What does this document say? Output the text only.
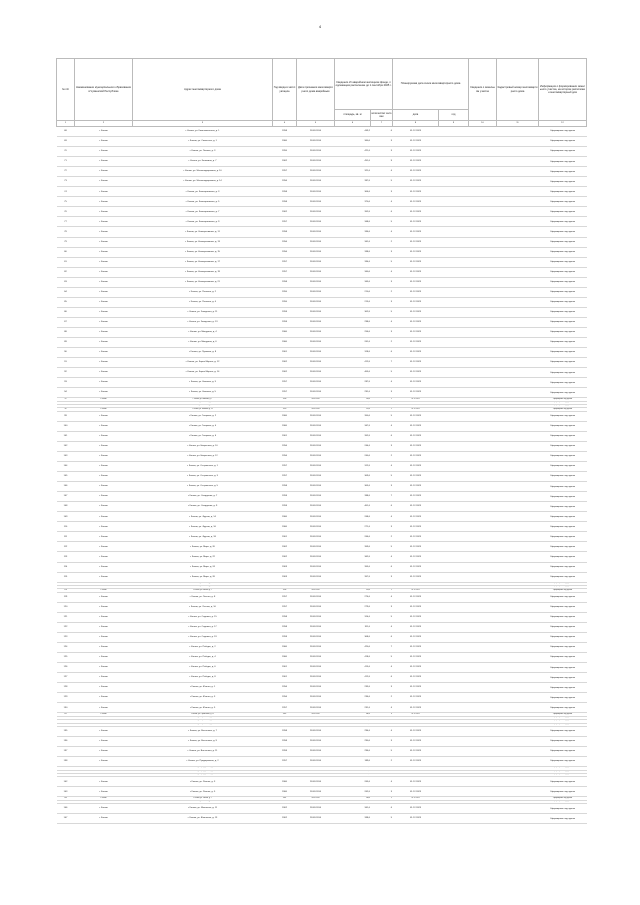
4
№ п/п	Наименование муниципального образования в Чувашской Республике	Адрес многоквартирного дома	Год ввода в эксплуатацию	Дата признания многоквартирного дома аварийным	Сведения об аварийном жилищном фонде, подлежащем расселению до 1 сентября 2025 г.		Планируемая дата сноса многоквартирного дома		Сведения о земельном участке	Кадастровый номер многоквартирного дома	Информация о формировании земельного участка, на котором расположен многоквартирный дом
					площадь, кв. м	количество человек	дата	год			
1	2	3	4	5	6	7	8	9	10	11	12
68	г. Канаш	г. Канаш, ул. Комсомольская, д. 1	1958	28.09.2014	449,2	6	01.12.2023				Сформирован под здание
69	г. Канаш	г. Канаш, ул. Советская, д. 1	1960	28.09.2014	360,0	3	01.12.2023				Сформирован под здание
70	г. Канаш	г. Канаш, ул. Ленина, д. 3	1955	28.09.2014	421,0	3	01.12.2023				Сформирован под здание
71	г. Канаш	г. Канаш, ул. Калинина, д. 7	1962	28.09.2014	451,0	9	01.12.2023				Сформирован под здание
72	г. Канаш	г. Канаш, ул. Железнодорожная, д. 10	1957	28.09.2014	321,0	4	01.12.2023				Сформирован под здание
73	г. Канаш	г. Канаш, ул. Железнодорожная, д. 14	1956	28.09.2014	397,0	5	01.12.2023				Сформирован под здание
74	г. Канаш	г. Канаш, ул. Кооперативная, д. 3	1958	28.09.2014	306,0	3	01.12.2023				Сформирован под здание
75	г. Канаш	г. Канаш, ул. Кооперативная, д. 5	1958	28.09.2014	370,0	4	01.12.2023				Сформирован под здание
76	г. Канаш	г. Канаш, ул. Кооперативная, д. 7	1962	28.09.2014	352,0	6	01.12.2023				Сформирован под здание
77	г. Канаш	г. Канаш, ул. Кооперативная, д. 9	1957	28.09.2014	348,0	5	01.12.2023				Сформирован под здание
78	г. Канаш	г. Канаш, ул. Кооперативная, д. 11	1958	28.09.2014	336,0	4	01.12.2023				Сформирован под здание
79	г. Канаш	г. Канаш, ул. Кооперативная, д. 13	1956	28.09.2014	341,0	2	01.12.2023				Сформирован под здание
80	г. Канаш	г. Канаш, ул. Кооперативная, д. 15	1956	28.09.2014	338,0	3	01.12.2023				Сформирован под здание
81	г. Канаш	г. Канаш, ул. Кооперативная, д. 17	1957	28.09.2014	334,0	5	01.12.2023				Сформирован под здание
82	г. Канаш	г. Канаш, ул. Кооперативная, д. 19	1957	28.09.2014	340,0	4	01.12.2023				Сформирован под здание
83	г. Канаш	г. Канаш, ул. Кооперативная, д. 21	1958	28.09.2014	345,0	3	01.12.2023				Сформирован под здание
84	г. Канаш	г. Канаш, ул. Полевая, д. 2	1955	28.09.2014	210,0	2	01.12.2023				Сформирован под здание
85	г. Канаш	г. Канаш, ул. Полевая, д. 4	1955	28.09.2014	215,0	3	01.12.2023				Сформирован под здание
86	г. Канаш	г. Канаш, ул. Заводская, д. 11	1959	28.09.2014	302,0	5	01.12.2023				Сформирован под здание
87	г. Канаш	г. Канаш, ул. Заводская, д. 13	1959	28.09.2014	298,0	4	01.12.2023				Сформирован под здание
88	г. Канаш	г. Канаш, ул. Мичурина, д. 4	1960	28.09.2014	256,0	3	01.12.2023				Сформирован под здание
89	г. Канаш	г. Канаш, ул. Мичурина, д. 6	1960	28.09.2014	261,0	2	01.12.2023				Сформирован под здание
90	г. Канаш	г. Канаш, ул. Пушкина, д. 8	1961	28.09.2014	318,0	6	01.12.2023				Сформирован под здание
91	г. Канаш	г. Канаш, ул. Карла Маркса, д. 12	1962	28.09.2014	412,0	7	01.12.2023				Сформирован под здание
92	г. Канаш	г. Канаш, ул. Карла Маркса, д. 14	1962	28.09.2014	405,0	5	01.12.2023				Сформирован под здание
93	г. Канаш	г. Канаш, ул. Чапаева, д. 3	1957	28.09.2014	287,0	4	01.12.2023				Сформирован под здание
94	г. Канаш	г. Канаш, ул. Чапаева, д. 5	1957	28.09.2014	291,0	3	01.12.2023				Сформирован под здание
95	г. Канаш	г. Канаш, ул. Чапаева, д. 7	1958	28.09.2014	283,0	2	01.12.2023				Сформирован под здание
96	г. Канаш	г. Канаш, ул. Чапаева, д. 9	1958	28.09.2014	279,0	3	01.12.2023				Сформирован под здание
97	г. Канаш	г. Канаш, ул. Чапаева, д. 11	1958	28.09.2014	281,0	4	01.12.2023				Сформирован под здание
98	г. Канаш	г. Канаш, ул. Чапаева, д. 13	1959	28.09.2014	276,0	2	01.12.2023				Сформирован под здание
99	г. Канаш	г. Канаш, ул. Гагарина, д. 2	1960	28.09.2014	350,0	5	01.12.2023				Сформирован под здание
100	г. Канаш	г. Канаш, ул. Гагарина, д. 4	1960	28.09.2014	347,0	4	01.12.2023				Сформирован под здание
101	г. Канаш	г. Канаш, ул. Гагарина, д. 6	1961	28.09.2014	352,0	6	01.12.2023				Сформирован под здание
102	г. Канаш	г. Канаш, ул. Некрасова, д. 10	1956	28.09.2014	244,0	3	01.12.2023				Сформирован под здание
103	г. Канаш	г. Канаш, ул. Некрасова, д. 12	1956	28.09.2014	240,0	2	01.12.2023				Сформирован под здание
104	г. Канаш	г. Канаш, ул. Островского, д. 1	1957	28.09.2014	312,0	4	01.12.2023				Сформирован под здание
105	г. Канаш	г. Канаш, ул. Островского, д. 3	1957	28.09.2014	309,0	5	01.12.2023				Сформирован под здание
106	г. Канаш	г. Канаш, ул. Островского, д. 5	1958	28.09.2014	305,0	3	01.12.2023				Сформирован под здание
107	г. Канаш	г. Канаш, ул. Свердлова, д. 7	1959	28.09.2014	398,0	7	01.12.2023				Сформирован под здание
108	г. Канаш	г. Канаш, ул. Свердлова, д. 9	1959	28.09.2014	401,0	6	01.12.2023				Сформирован под здание
109	г. Канаш	г. Канаш, ул. Фрунзе, д. 14	1960	28.09.2014	268,0	4	01.12.2023				Сформирован под здание
110	г. Канаш	г. Канаш, ул. Фрунзе, д. 16	1960	28.09.2014	271,0	3	01.12.2023				Сформирован под здание
111	г. Канаш	г. Канаш, ул. Фрунзе, д. 18	1961	28.09.2014	266,0	2	01.12.2023				Сформирован под здание
112	г. Канаш	г. Канаш, ул. Мира, д. 20	1962	28.09.2014	359,0	5	01.12.2023				Сформирован под здание
113	г. Канаш	г. Канаш, ул. Мира, д. 22	1962	28.09.2014	362,0	4	01.12.2023				Сформирован под здание
114	г. Канаш	г. Канаш, ул. Мира, д. 24	1963	28.09.2014	355,0	6	01.12.2023				Сформирован под здание
115	г. Канаш	г. Канаш, ул. Мира, д. 26	1963	28.09.2014	357,0	3	01.12.2023				Сформирован под здание
116	г. Канаш	г. Канаш, ул. Ильича, д. 3	1955	28.09.2014	198,0	2	01.12.2023				Сформирован под здание
117	г. Канаш	г. Канаш, ул. Ильича, д. 5	1955	28.09.2014	201,0	3	01.12.2023				Сформирован под здание
118	г. Канаш	г. Канаш, ул. Ильича, д. 7	1956	28.09.2014	203,0	2	01.12.2023				Сформирован под здание
119	г. Канаш	г. Канаш, ул. Лесная, д. 8	1957	28.09.2014	276,0	4	01.12.2023				Сформирован под здание
120	г. Канаш	г. Канаш, ул. Лесная, д. 10	1957	28.09.2014	279,0	3	01.12.2023				Сформирован под здание
121	г. Канаш	г. Канаш, ул. Садовая, д. 15	1958	28.09.2014	314,0	5	01.12.2023				Сформирован под здание
122	г. Канаш	г. Канаш, ул. Садовая, д. 17	1958	28.09.2014	311,0	4	01.12.2023				Сформирован под здание
123	г. Канаш	г. Канаш, ул. Садовая, д. 19	1959	28.09.2014	308,0	6	01.12.2023				Сформирован под здание
124	г. Канаш	г. Канаш, ул. Победы, д. 2	1960	28.09.2014	420,0	7	01.12.2023				Сформирован под здание
125	г. Канаш	г. Канаш, ул. Победы, д. 4	1960	28.09.2014	418,0	5	01.12.2023				Сформирован под здание
126	г. Канаш	г. Канаш, ул. Победы, д. 6	1961	28.09.2014	415,0	4	01.12.2023				Сформирован под здание
127	г. Канаш	г. Канаш, ул. Победы, д. 8	1961	28.09.2014	412,0	6	01.12.2023				Сформирован под здание
128	г. Канаш	г. Канаш, ул. Южная, д. 1	1956	28.09.2014	233,0	3	01.12.2023				Сформирован под здание
129	г. Канаш	г. Канаш, ул. Южная, д. 3	1956	28.09.2014	236,0	2	01.12.2023				Сформирован под здание
130	г. Канаш	г. Канаш, ул. Южная, д. 5	1957	28.09.2014	231,0	4	01.12.2023				Сформирован под здание
131	г. Канаш	г. Канаш, ул. Строителей, д. 12	1962	28.09.2014	380,0	6	01.12.2023				Сформирован под здание
132	г. Канаш	г. Канаш, ул. Строителей, д. 14	1962	28.09.2014	377,0	5	01.12.2023				Сформирован под здание
133	г. Канаш	г. Канаш, ул. Строителей, д. 16	1963	28.09.2014	374,0	4	01.12.2023				Сформирован под здание
134	г. Канаш	г. Канаш, ул. Строителей, д. 18	1963	28.09.2014	371,0	3	01.12.2023				Сформирован под здание
135	г. Канаш	г. Канаш, ул. Восточная, д. 7	1958	28.09.2014	294,0	4	01.12.2023				Сформирован под здание
136	г. Канаш	г. Канаш, ул. Восточная, д. 9	1958	28.09.2014	290,0	3	01.12.2023				Сформирован под здание
137	г. Канаш	г. Канаш, ул. Восточная, д. 11	1959	28.09.2014	296,0	5	01.12.2023				Сформирован под здание
138	г. Канаш	г. Канаш, ул. Придорожная, д. 2	1957	28.09.2014	189,0	2	01.12.2023				Сформирован под здание
139	г. Канаш	г. Канаш, ул. Придорожная, д. 4	1957	28.09.2014	192,0	3	01.12.2023				Сформирован под здание
140	г. Канаш	г. Канаш, ул. Придорожная, д. 6	1958	28.09.2014	194,0	2	01.12.2023				Сформирован под здание
141	г. Канаш	г. Канаш, ул. Придорожная, д. 8	1958	28.09.2014	190,0	3	01.12.2023				Сформирован под здание
142	г. Канаш	г. Канаш, ул. Речная, д. 3	1960	28.09.2014	265,0	4	01.12.2023				Сформирован под здание
143	г. Канаш	г. Канаш, ул. Речная, д. 5	1960	28.09.2014	262,0	3	01.12.2023				Сформирован под здание
144	г. Канаш	г. Канаш, ул. Речная, д. 7	1961	28.09.2014	268,0	5	01.12.2023				Сформирован под здание
145	г. Канаш	г. Канаш, ул. Речная, д. 9	1961	28.09.2014	264,0	4	01.12.2023				Сформирован под здание
146	г. Канаш	г. Канаш, ул. Школьная, д. 11	1962	28.09.2014	341,0	6	01.12.2023				Сформирован под здание
147	г. Канаш	г. Канаш, ул. Школьная, д. 13	1962	28.09.2014	338,0	5	01.12.2023				Сформирован под здание
